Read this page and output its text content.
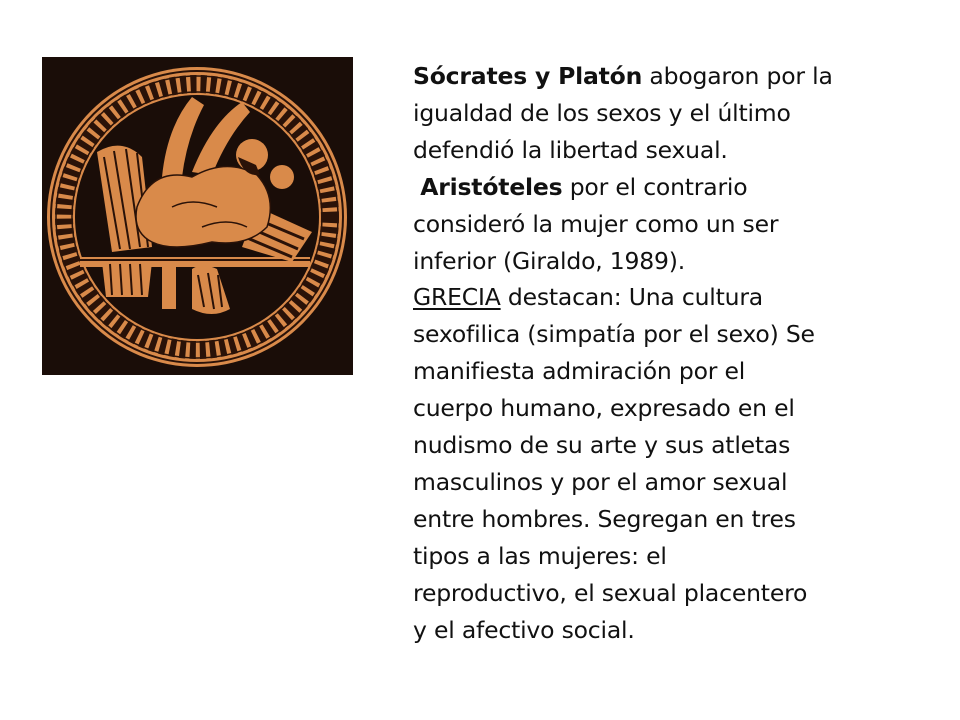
Sócrates y Platón abogaron por la
igualdad de los sexos y el último
defendió la libertad sexual.
Aristóteles por el contrario
consideró la mujer como un ser
inferior (Giraldo, 1989).
GRECIA destacan: Una cultura
sexofilica (simpatía por el sexo) Se
manifiesta admiración por el
cuerpo humano, expresado en el
nudismo de su arte y sus atletas
masculinos y por el amor sexual
entre hombres. Segregan en tres
tipos a las mujeres: el
reproductivo, el sexual placentero
y el afectivo social.
